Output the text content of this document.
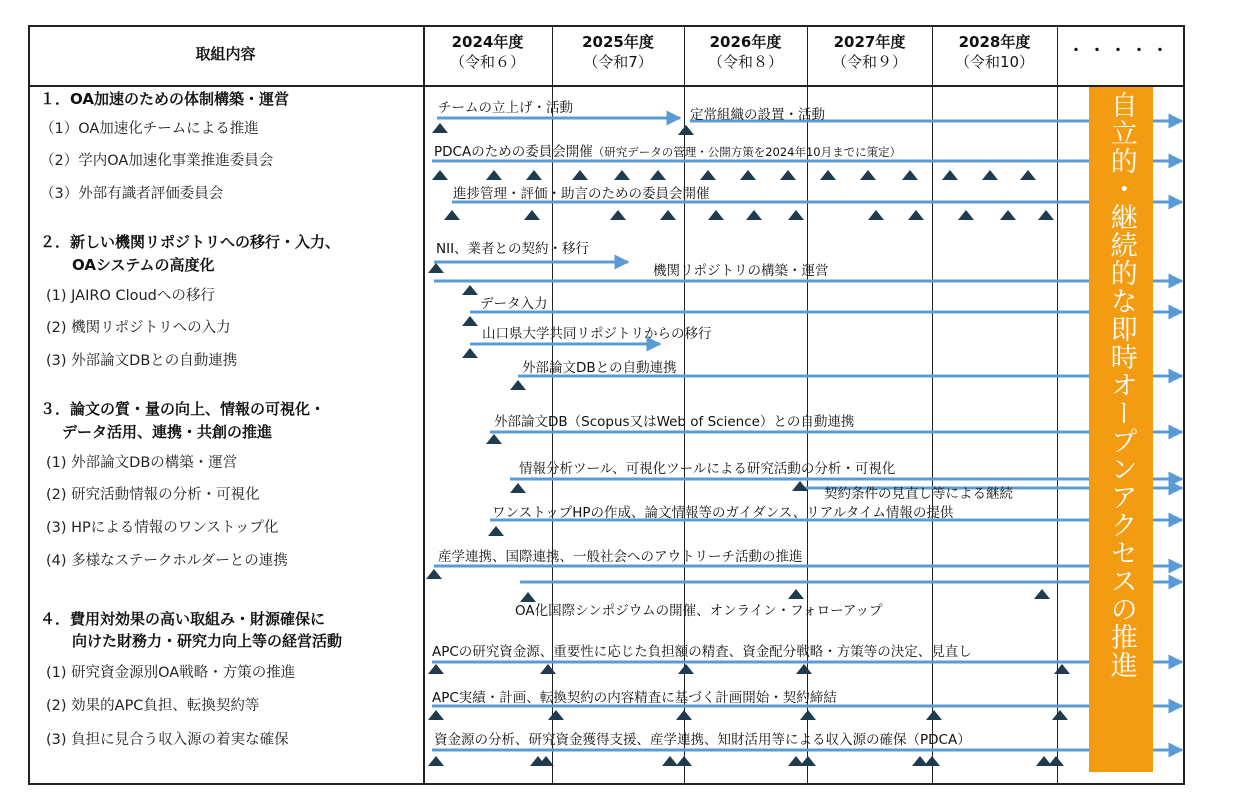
取組内容
2024年度
（令和６）
2025年度
（令和7）
2026年度
（令和８）
2027年度
（令和９）
2028年度
（令和10）
・・・・・
１．OA加速のための体制構築・運営
（1）OA加速化チームによる推進
（2）学内OA加速化事業推進委員会
（3）外部有識者評価委員会
２．新しい機関リポジトリへの移行・入力、
OAシステムの高度化
(1) JAIRO Cloudへの移行
(2) 機関リポジトリへの入力
(3) 外部論文DBとの自動連携
３．論文の質・量の向上、情報の可視化・
データ活用、連携・共創の推進
(1) 外部論文DBの構築・運営
(2) 研究活動情報の分析・可視化
(3) HPによる情報のワンストップ化
(4) 多様なステークホルダーとの連携
４．費用対効果の高い取組み・財源確保に
向けた財務力・研究力向上等の経営活動
(1) 研究資金源別OA戦略・方策の推進
(2) 効果的APC負担、転換契約等
(3) 負担に見合う収入源の着実な確保
チームの立上げ・活動	定常組織の設置・活動
PDCAのための委員会開催（研究データの管理・公開方策を2024年10月までに策定）
進捗管理・評価・助言のための委員会開催
NII、業者との契約・移行
機関リポジトリの構築・運営
データ入力
山口県大学共同リポジトリからの移行
外部論文DBとの自動連携
外部論文DB（Scopus又はWeb of Science）との自動連携
情報分析ツール、可視化ツールによる研究活動の分析・可視化
契約条件の見直し等による継続
ワンストップHPの作成、論文情報等のガイダンス、リアルタイム情報の提供
産学連携、国際連携、一般社会へのアウトリーチ活動の推進
OA化国際シンポジウムの開催、オンライン・フォローアップ
APCの研究資金源、重要性に応じた負担額の精査、資金配分戦略・方策等の決定、見直し
APC実績・計画、転換契約の内容精査に基づく計画開始・契約締結
資金源の分析、研究資金獲得支援、産学連携、知財活用等による収入源の確保（PDCA）
自立的・継続的な即時オープンアクセスの推進
